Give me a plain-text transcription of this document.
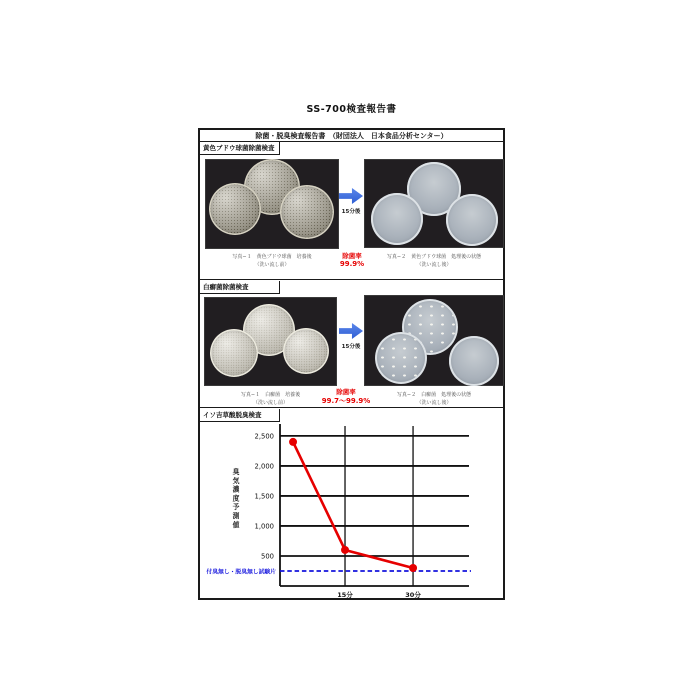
SS-700検査報告書
除菌・脱臭検査報告書　（財団法人　日本食品分析センター）
黄色ブドウ球菌除菌検査
15分後
写真−１　黄色ブドウ球菌　培養後
（洗い流し前）
除菌率
99.9%
写真−２　黄色ブドウ球菌　処理後の状態
（洗い流し後）
白癬菌除菌検査
15分後
写真−１　白癬菌　培養後
（洗い流し前）
除菌率
99.7～99.9%
写真−２　白癬菌　処理後の状態
（洗い流し後）
イソ吉草酸脱臭検査
臭気濃度予測値
15分	30分
500
1,000
1,500
2,000
2,500
付臭無し・脱臭無し試験片
